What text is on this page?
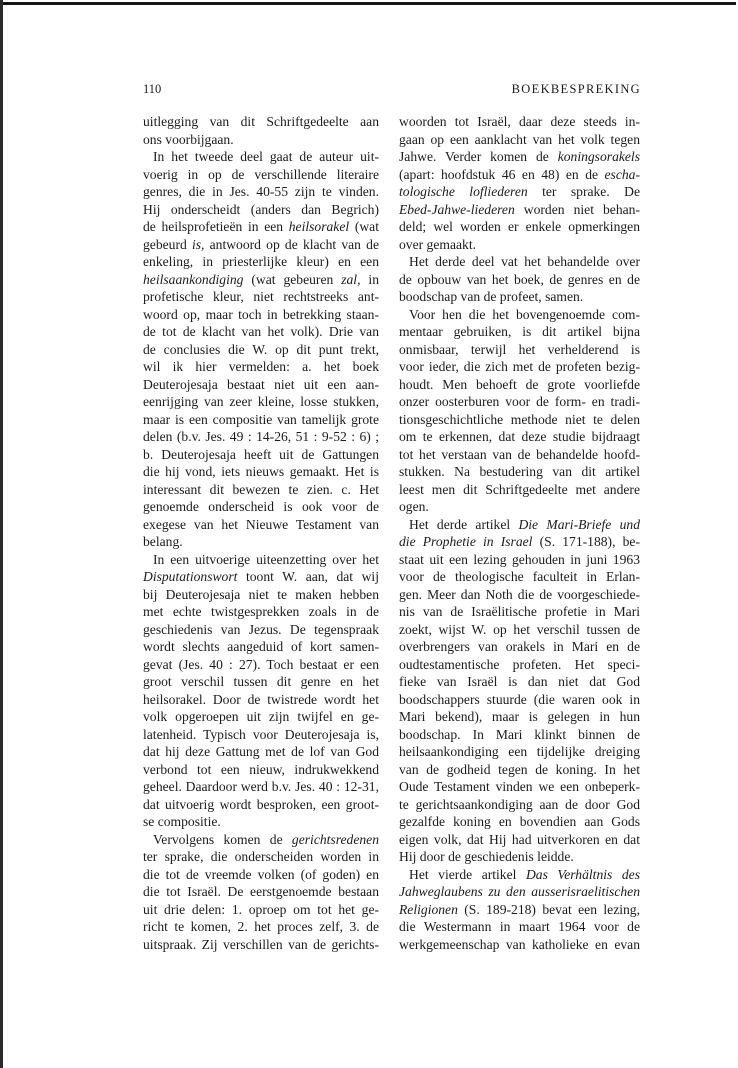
110	BOEKBESPREKING
uitlegging van dit Schriftgedeelte aan
ons voorbijgaan.
In het tweede deel gaat de auteur uit-
voerig in op de verschillende literaire
genres, die in Jes. 40-55 zijn te vinden.
Hij onderscheidt (anders dan Begrich)
de heilsprofetieën in een heilsorakel (wat
gebeurd is, antwoord op de klacht van de
enkeling, in priesterlijke kleur) en een
heilsaankondiging (wat gebeuren zal, in
profetische kleur, niet rechtstreeks ant-
woord op, maar toch in betrekking staan-
de tot de klacht van het volk). Drie van
de conclusies die W. op dit punt trekt,
wil ik hier vermelden: a. het boek
Deuterojesaja bestaat niet uit een aan-
eenrijging van zeer kleine, losse stukken,
maar is een compositie van tamelijk grote
delen (b.v. Jes. 49 : 14-26, 51 : 9-52 : 6) ;
b. Deuterojesaja heeft uit de Gattungen
die hij vond, iets nieuws gemaakt. Het is
interessant dit bewezen te zien. c. Het
genoemde onderscheid is ook voor de
exegese van het Nieuwe Testament van
belang.
In een uitvoerige uiteenzetting over het
Disputationswort toont W. aan, dat wij
bij Deuterojesaja niet te maken hebben
met echte twistgesprekken zoals in de
geschiedenis van Jezus. De tegenspraak
wordt slechts aangeduid of kort samen-
gevat (Jes. 40 : 27). Toch bestaat er een
groot verschil tussen dit genre en het
heilsorakel. Door de twistrede wordt het
volk opgeroepen uit zijn twijfel en ge-
latenheid. Typisch voor Deuterojesaja is,
dat hij deze Gattung met de lof van God
verbond tot een nieuw, indrukwekkend
geheel. Daardoor werd b.v. Jes. 40 : 12-31,
dat uitvoerig wordt besproken, een groot-
se compositie.
Vervolgens komen de gerichtsredenen
ter sprake, die onderscheiden worden in
die tot de vreemde volken (of goden) en
die tot Israël. De eerstgenoemde bestaan
uit drie delen: 1. oproep om tot het ge-
richt te komen, 2. het proces zelf, 3. de
uitspraak. Zij verschillen van de gerichts-
woorden tot Israël, daar deze steeds in-
gaan op een aanklacht van het volk tegen
Jahwe. Verder komen de koningsorakels
(apart: hoofdstuk 46 en 48) en de escha-
tologische lofliederen ter sprake. De
Ebed-Jahwe-liederen worden niet behan-
deld; wel worden er enkele opmerkingen
over gemaakt.
Het derde deel vat het behandelde over
de opbouw van het boek, de genres en de
boodschap van de profeet, samen.
Voor hen die het bovengenoemde com-
mentaar gebruiken, is dit artikel bijna
onmisbaar, terwijl het verhelderend is
voor ieder, die zich met de profeten bezig-
houdt. Men behoeft de grote voorliefde
onzer oosterburen voor de form- en tradi-
tionsgeschichtliche methode niet te delen
om te erkennen, dat deze studie bijdraagt
tot het verstaan van de behandelde hoofd-
stukken. Na bestudering van dit artikel
leest men dit Schriftgedeelte met andere
ogen.
Het derde artikel Die Mari-Briefe und
die Prophetie in Israel (S. 171-188), be-
staat uit een lezing gehouden in juni 1963
voor de theologische faculteit in Erlan-
gen. Meer dan Noth die de voorgeschiede-
nis van de Israëlitische profetie in Mari
zoekt, wijst W. op het verschil tussen de
overbrengers van orakels in Mari en de
oudtestamentische profeten. Het speci-
fieke van Israël is dan niet dat God
boodschappers stuurde (die waren ook in
Mari bekend), maar is gelegen in hun
boodschap. In Mari klinkt binnen de
heilsaankondiging een tijdelijke dreiging
van de godheid tegen de koning. In het
Oude Testament vinden we een onbeperk-
te gerichtsaankondiging aan de door God
gezalfde koning en bovendien aan Gods
eigen volk, dat Hij had uitverkoren en dat
Hij door de geschiedenis leidde.
Het vierde artikel Das Verhältnis des
Jahweglaubens zu den ausserisraelitischen
Religionen (S. 189-218) bevat een lezing,
die Westermann in maart 1964 voor de
werkgemeenschap van katholieke en evan
